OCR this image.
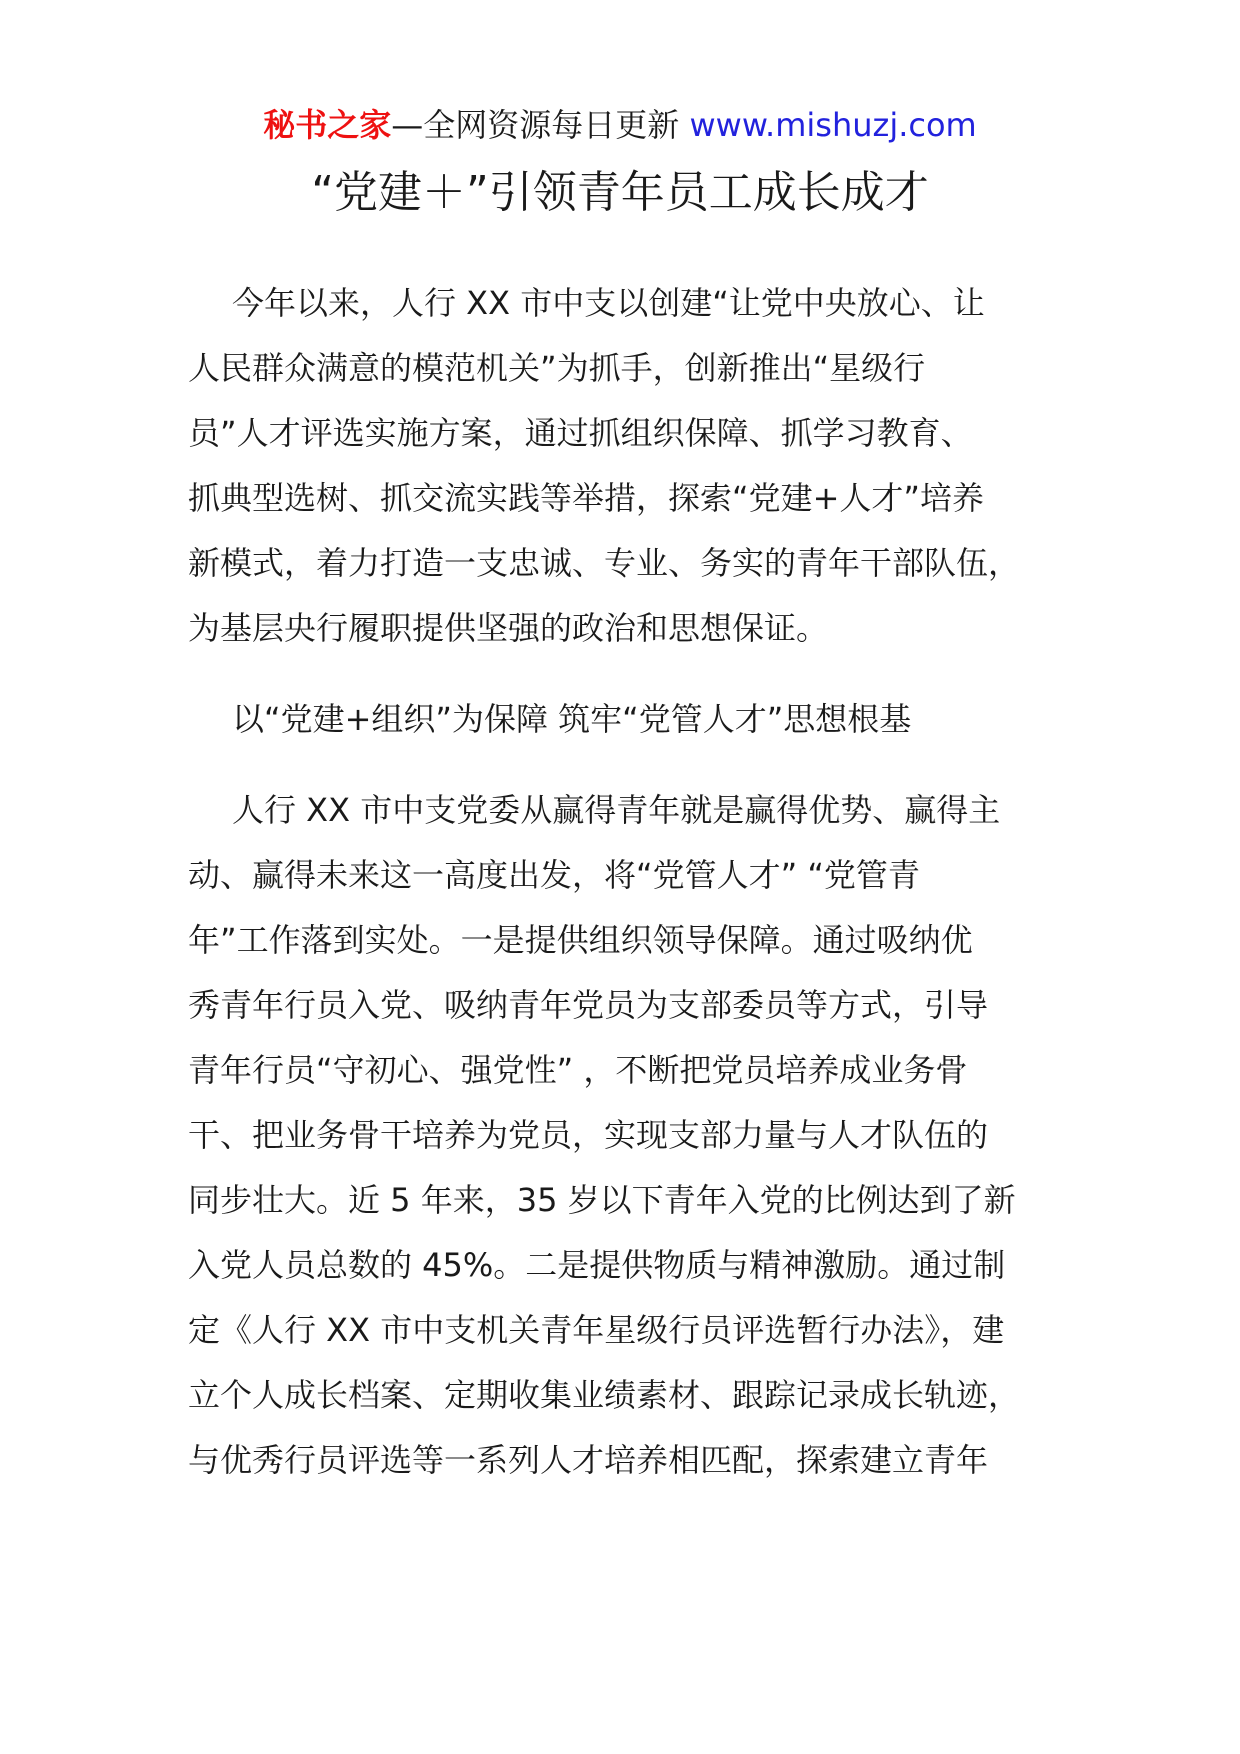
秘书之家—全网资源每日更新 www.mishuzj.com
“党建＋”引领青年员工成长成才
今年以来，人行 XX 市中支以创建“让党中央放心、让
人民群众满意的模范机关”为抓手，创新推出“星级行
员”人才评选实施方案，通过抓组织保障、抓学习教育、
抓典型选树、抓交流实践等举措，探索“党建+人才”培养
新模式，着力打造一支忠诚、专业、务实的青年干部队伍，
为基层央行履职提供坚强的政治和思想保证。
以“党建+组织”为保障 筑牢“党管人才”思想根基
人行 XX 市中支党委从赢得青年就是赢得优势、赢得主
动、赢得未来这一高度出发，将“党管人才” “党管青
年”工作落到实处。一是提供组织领导保障。通过吸纳优
秀青年行员入党、吸纳青年党员为支部委员等方式，引导
青年行员“守初心、强党性” ，不断把党员培养成业务骨
干、把业务骨干培养为党员，实现支部力量与人才队伍的
同步壮大。近 5 年来，35 岁以下青年入党的比例达到了新
入党人员总数的 45%。二是提供物质与精神激励。通过制
定《人行 XX 市中支机关青年星级行员评选暂行办法》，建
立个人成长档案、定期收集业绩素材、跟踪记录成长轨迹，
与优秀行员评选等一系列人才培养相匹配，探索建立青年
